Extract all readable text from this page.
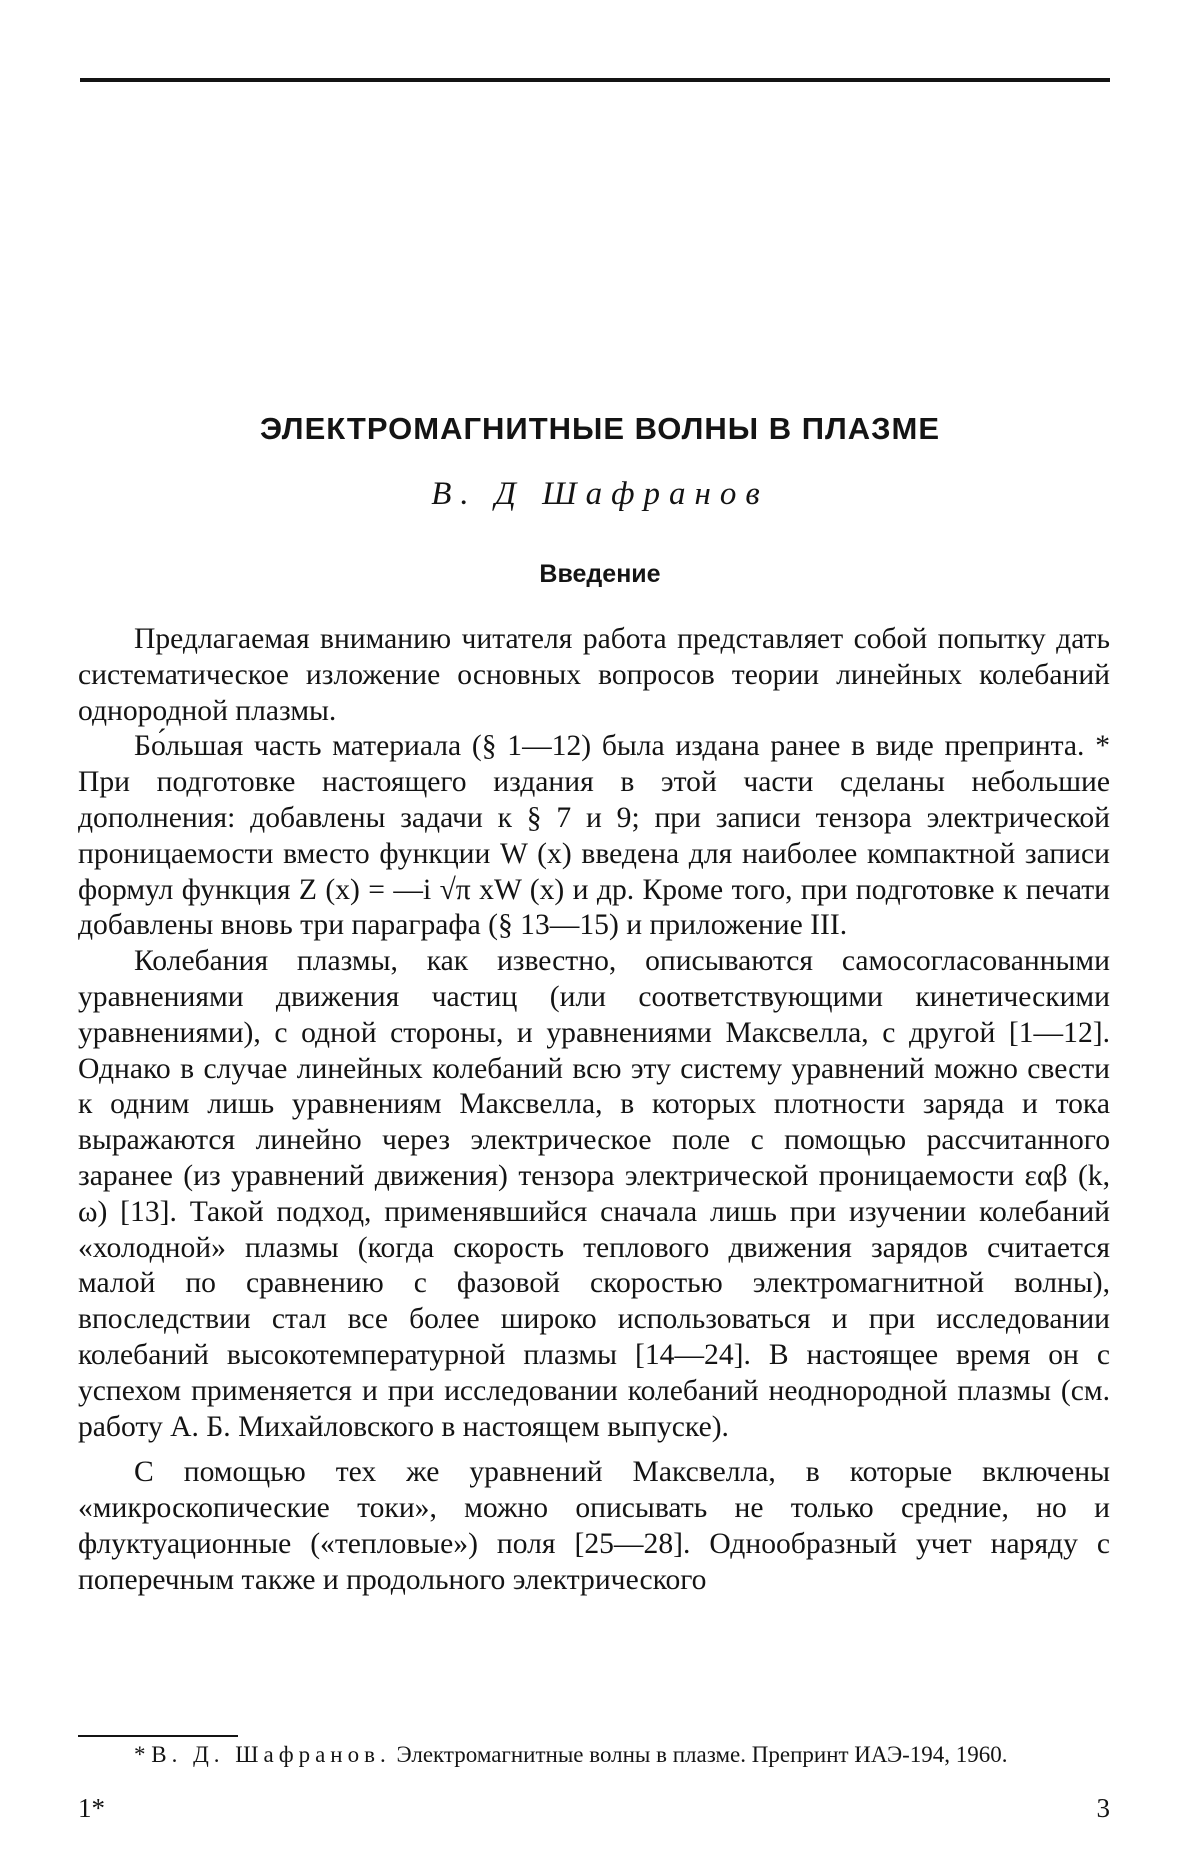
ЭЛЕКТРОМАГНИТНЫЕ ВОЛНЫ В ПЛАЗМЕ
В. Д Шафранов
Введение

Предлагаемая вниманию читателя работа представляет собой попытку дать систематическое изложение основных вопросов теории линейных колебаний однородной плазмы.

Бо́льшая часть материала (§ 1—12) была издана ранее в виде препринта. * При подготовке настоящего издания в этой части сделаны небольшие дополнения: добавлены задачи к § 7 и 9; при записи тензора электрической проницаемости вместо функции W (x) введена для наиболее компактной записи формул функция Z (x) = —i √π xW (x) и др. Кроме того, при подготовке к печати добавлены вновь три параграфа (§ 13—15) и приложение III.

Колебания плазмы, как известно, описываются самосогласованными уравнениями движения частиц (или соответствующими кинетическими уравнениями), с одной стороны, и уравнениями Максвелла, с другой [1—12]. Однако в случае линейных колебаний всю эту систему уравнений можно свести к одним лишь уравнениям Максвелла, в которых плотности заряда и тока выражаются линейно через электрическое поле с помощью рассчитанного заранее (из уравнений движения) тензора электрической проницаемости εαβ (k, ω) [13]. Такой подход, применявшийся сначала лишь при изучении колебаний «холодной» плазмы (когда скорость теплового движения зарядов считается малой по сравнению с фазовой скоростью электромагнитной волны), впоследствии стал все более широко использоваться и при исследовании колебаний высокотемпературной плазмы [14—24]. В настоящее время он с успехом применяется и при исследовании колебаний неоднородной плазмы (см. работу А. Б. Михайловского в настоящем выпуске).

С помощью тех же уравнений Максвелла, в которые включены «микроскопические токи», можно описывать не только средние, но и флуктуационные («тепловые») поля [25—28]. Однообразный учет наряду с поперечным также и продольного электрического

* В. Д. Шафранов. Электромагнитные волны в плазме. Препринт ИАЭ-194, 1960.

1*	3
